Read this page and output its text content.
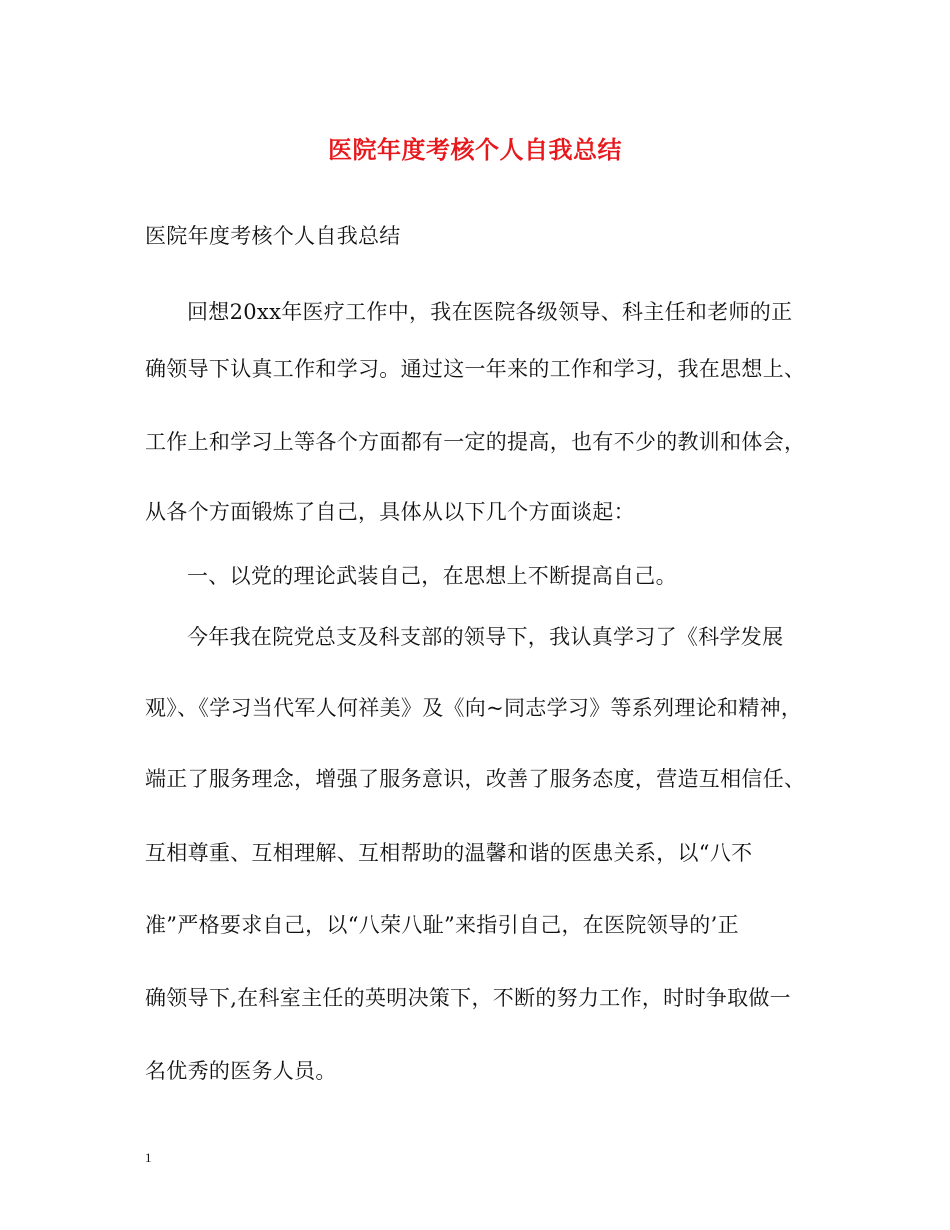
医院年度考核个人自我总结
医院年度考核个人自我总结
回想20xx年医疗工作中，我在医院各级领导、科主任和老师的正
确领导下认真工作和学习。通过这一年来的工作和学习，我在思想上、
工作上和学习上等各个方面都有一定的提高，也有不少的教训和体会，
从各个方面锻炼了自己，具体从以下几个方面谈起：
一、以党的理论武装自己，在思想上不断提高自己。
今年我在院党总支及科支部的领导下，我认真学习了《科学发展
观》、《学习当代军人何祥美》及《向~同志学习》等系列理论和精神，
端正了服务理念，增强了服务意识，改善了服务态度，营造互相信任、
互相尊重、互相理解、互相帮助的温馨和谐的医患关系，以“八不
准”严格要求自己，以“八荣八耻”来指引自己，在医院领导的’正
确领导下,在科室主任的英明决策下，不断的努力工作，时时争取做一
名优秀的医务人员。
1
